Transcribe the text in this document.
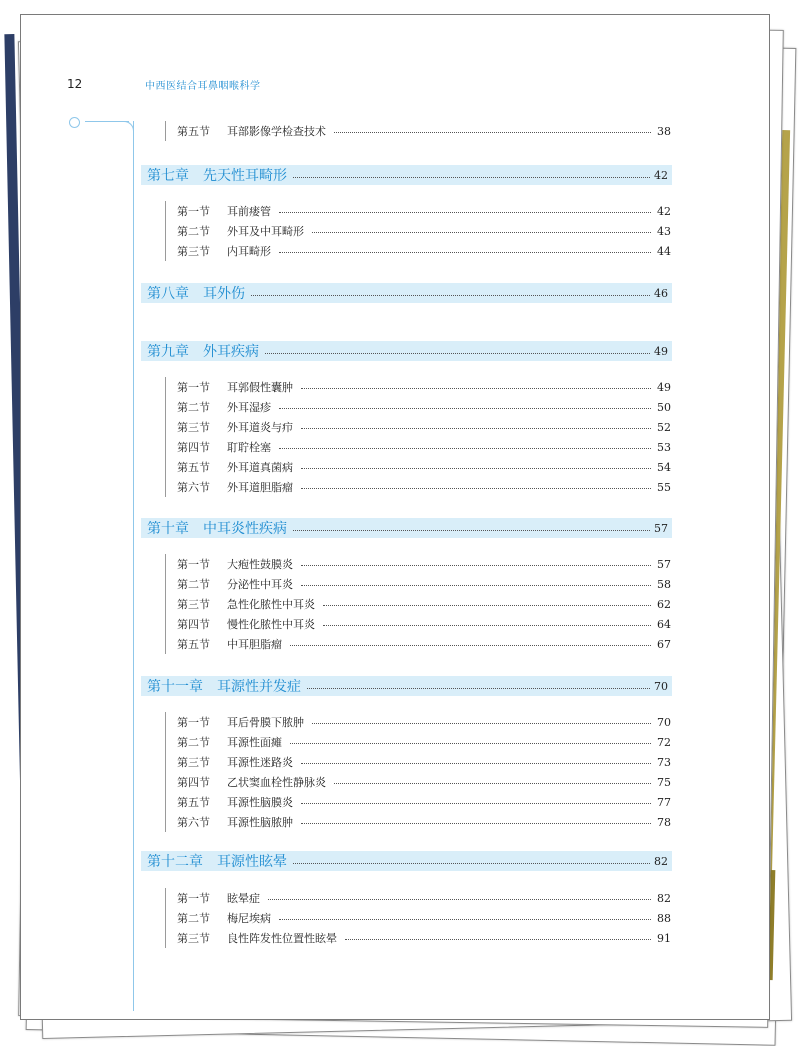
12	中西医结合耳鼻咽喉科学
第五节	耳部影像学检查技术	38
第七章　先天性耳畸形	42
第一节	耳前瘘管	42
第二节	外耳及中耳畸形	43
第三节	内耳畸形	44
第八章　耳外伤	46
第九章　外耳疾病	49
第一节	耳郭假性囊肿	49
第二节	外耳湿疹	50
第三节	外耳道炎与疖	52
第四节	耵聍栓塞	53
第五节	外耳道真菌病	54
第六节	外耳道胆脂瘤	55
第十章　中耳炎性疾病	57
第一节	大疱性鼓膜炎	57
第二节	分泌性中耳炎	58
第三节	急性化脓性中耳炎	62
第四节	慢性化脓性中耳炎	64
第五节	中耳胆脂瘤	67
第十一章　耳源性并发症	70
第一节	耳后骨膜下脓肿	70
第二节	耳源性面瘫	72
第三节	耳源性迷路炎	73
第四节	乙状窦血栓性静脉炎	75
第五节	耳源性脑膜炎	77
第六节	耳源性脑脓肿	78
第十二章　耳源性眩晕	82
第一节	眩晕症	82
第二节	梅尼埃病	88
第三节	良性阵发性位置性眩晕	91
